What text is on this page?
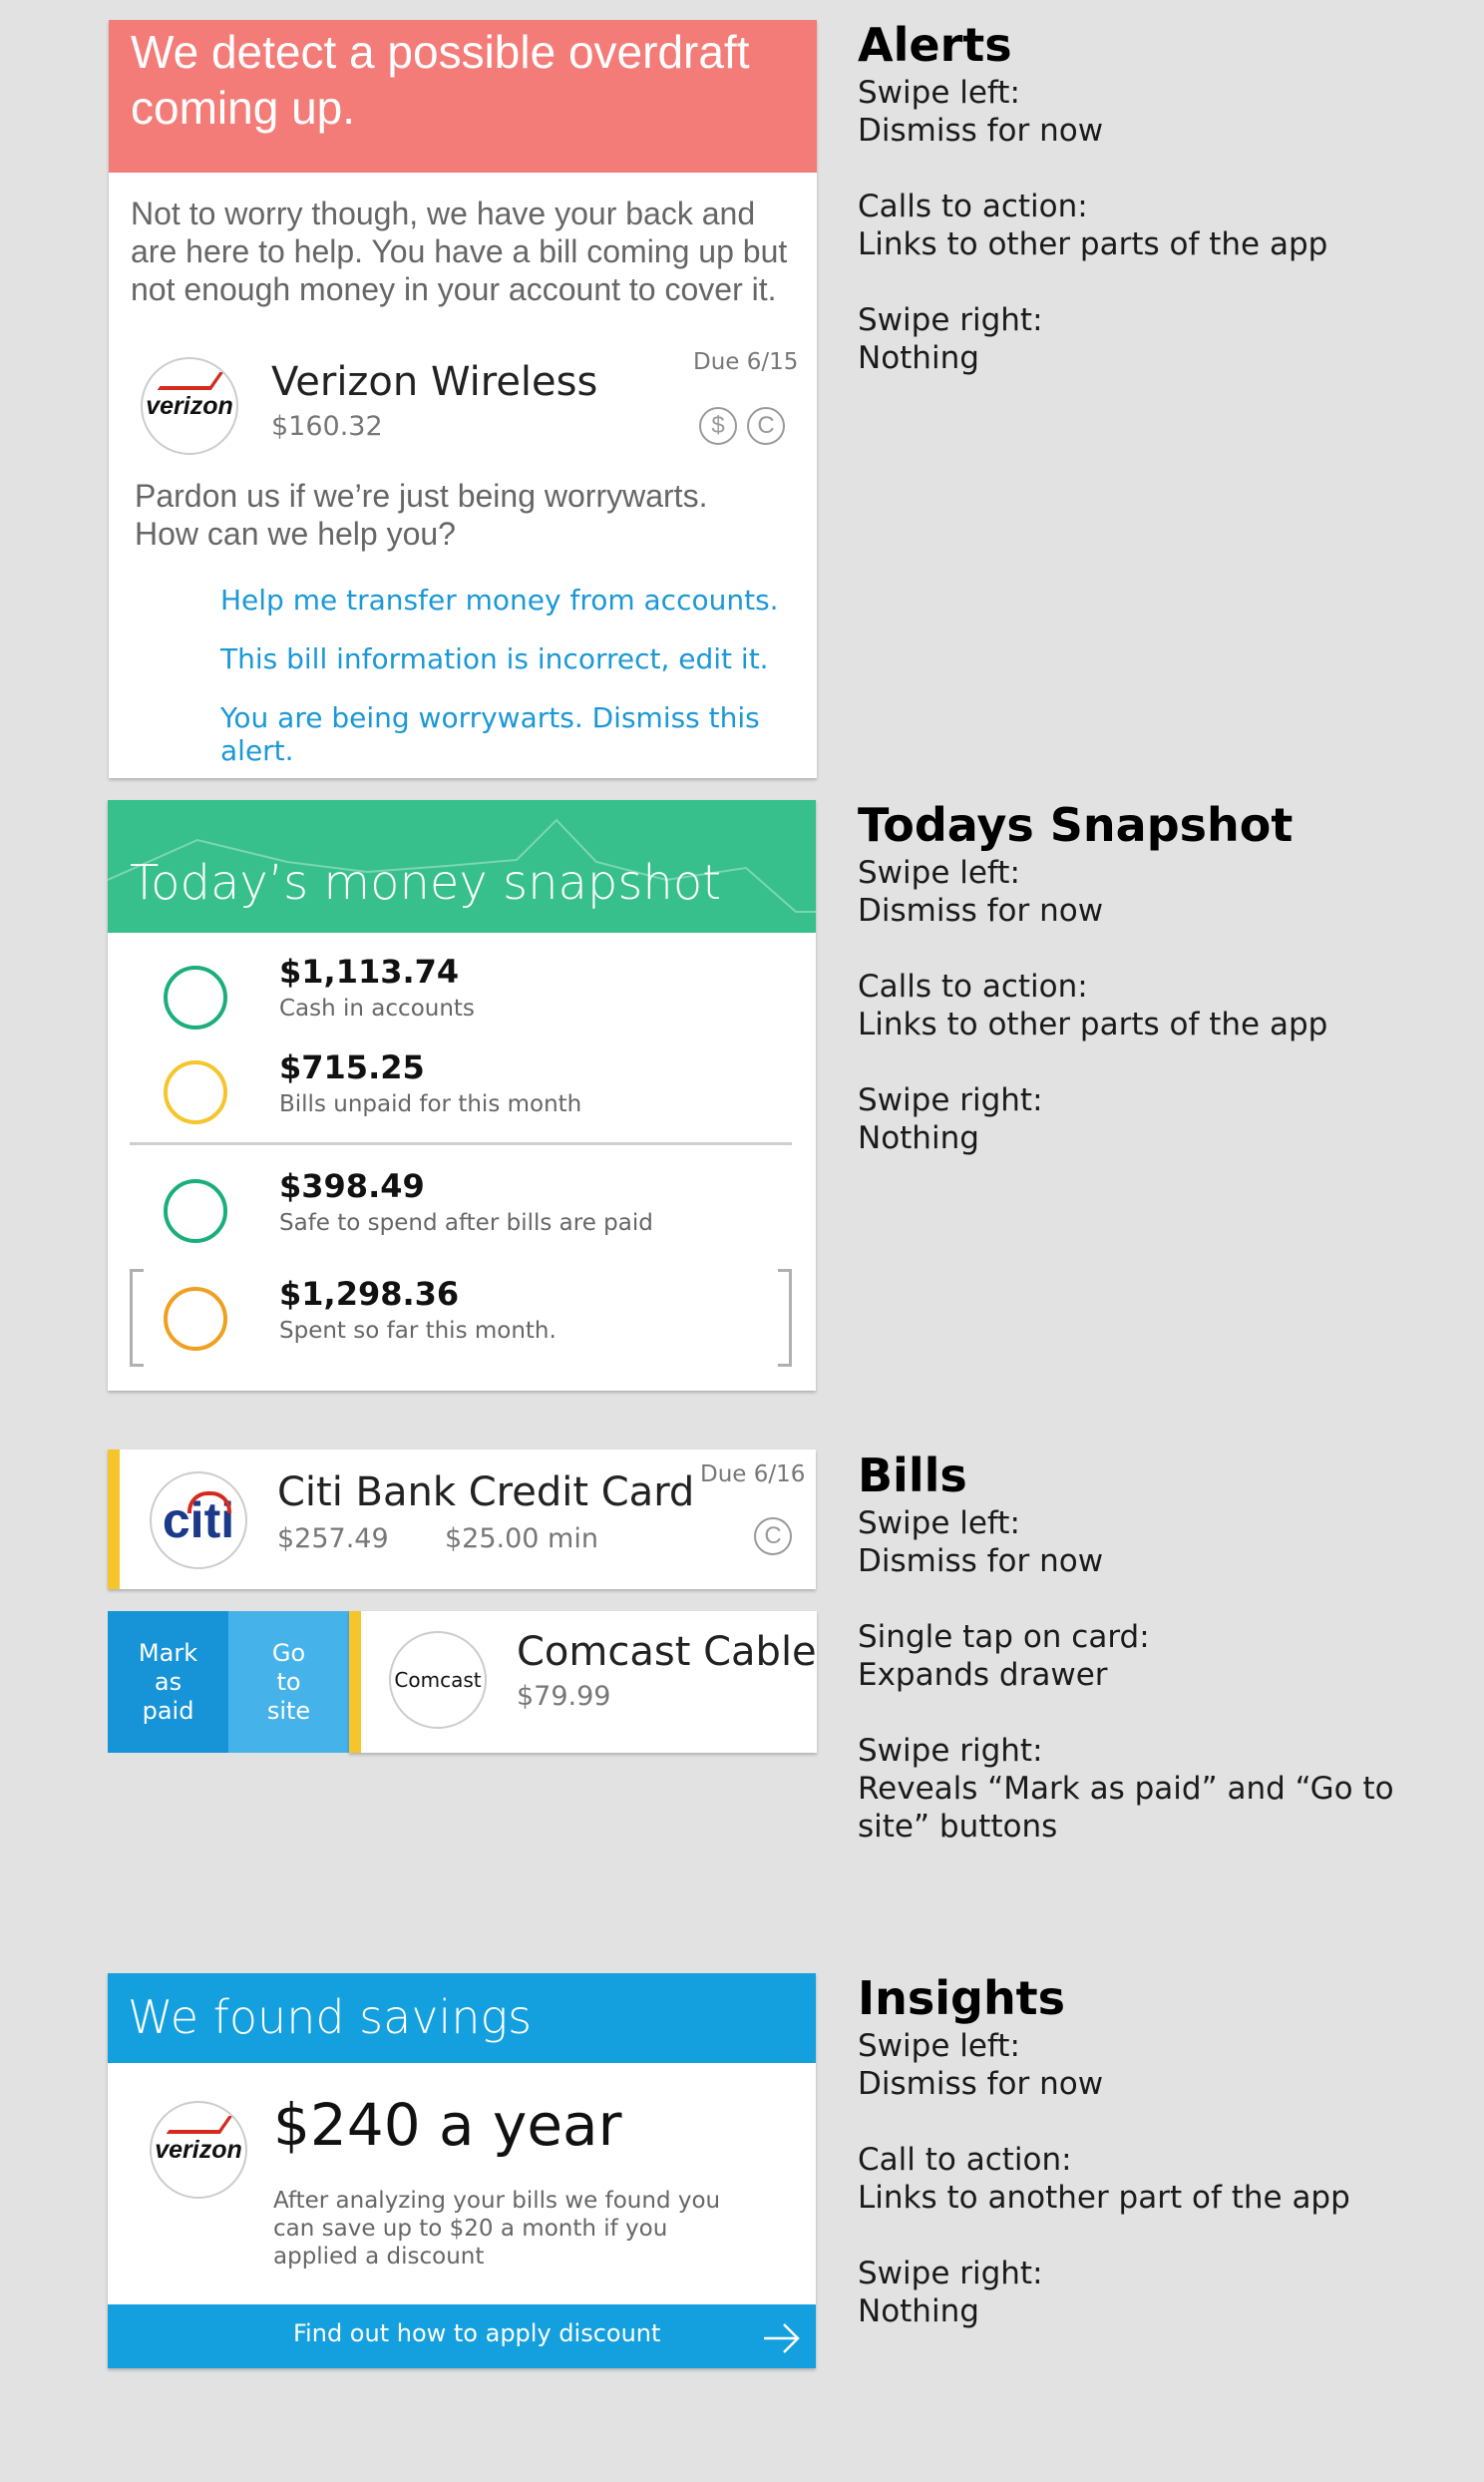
We detect a possible overdraft coming up.
Not to worry though, we have your back and are here to help. You have a bill coming up but not enough money in your account to cover it.
verizon
Verizon Wireless
$160.32
Due 6/15
$ C
Pardon us if we’re just being worrywarts. How can we help you?
Help me transfer money from accounts.
This bill information is incorrect, edit it.
You are being worrywarts. Dismiss this alert.
Alerts

Swipe left:

Dismiss for now

Calls to action:

Links to other parts of the app

Swipe right:

Nothing

Today’s money snapshot
$1,113.74
Cash in accounts
$715.25
Bills unpaid for this month
$398.49
Safe to spend after bills are paid
$1,298.36
Spent so far this month.
Todays Snapshot

Swipe left:

Dismiss for now

Calls to action:

Links to other parts of the app

Swipe right:

Nothing

citi Citi Bank Credit Card
$257.49 $25.00 min
Due 6/16
C
Mark as paid
Go to site
Comcast
Comcast Cable
$79.99
Bills

Swipe left:

Dismiss for now

Single tap on card:

Expands drawer

Swipe right:

Reveals “Mark as paid” and “Go to site” buttons

We found savings
verizon $240 a year
After analyzing your bills we found you can save up to $20 a month if you applied a discount
Find out how to apply discount
Insights

Swipe left:

Dismiss for now

Call to action:

Links to another part of the app

Swipe right:

Nothing
